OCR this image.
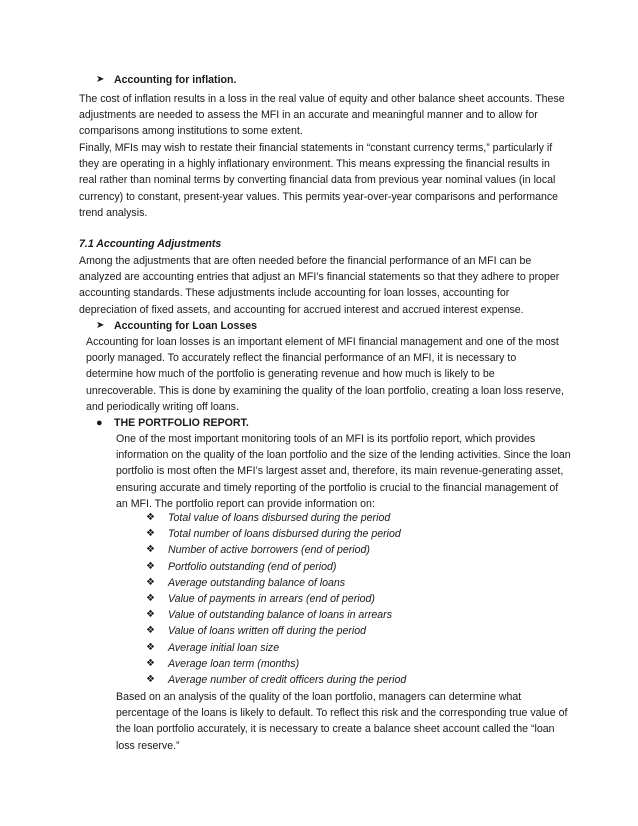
➤ Accounting for inflation.
The cost of inflation results in a loss in the real value of equity and other balance sheet accounts. These adjustments are needed to assess the MFI in an accurate and meaningful manner and to allow for comparisons among institutions to some extent.
Finally, MFIs may wish to restate their financial statements in “constant currency terms,” particularly if they are operating in a highly inflationary environment. This means expressing the financial results in real rather than nominal terms by converting financial data from previous year nominal values (in local currency) to constant, present-year values. This permits year-over-year comparisons and performance trend analysis.
7.1 Accounting Adjustments
Among the adjustments that are often needed before the financial performance of an MFI can be analyzed are accounting entries that adjust an MFI’s financial statements so that they adhere to proper accounting standards. These adjustments include accounting for loan losses, accounting for depreciation of fixed assets, and accounting for accrued interest and accrued interest expense.
➤ Accounting for Loan Losses
Accounting for loan losses is an important element of MFI financial management and one of the most poorly managed. To accurately reflect the financial performance of an MFI, it is necessary to determine how much of the portfolio is generating revenue and how much is likely to be unrecoverable. This is done by examining the quality of the loan portfolio, creating a loan loss reserve, and periodically writing off loans.
●	THE PORTFOLIO REPORT.
One of the most important monitoring tools of an MFI is its portfolio report, which provides information on the quality of the loan portfolio and the size of the lending activities. Since the loan portfolio is most often the MFI’s largest asset and, therefore, its main revenue-generating asset, ensuring accurate and timely reporting of the portfolio is crucial to the financial management of an MFI. The portfolio report can provide information on:
❖	Total value of loans disbursed during the period
❖	Total number of loans disbursed during the period
❖	Number of active borrowers (end of period)
❖	Portfolio outstanding (end of period)
❖	Average outstanding balance of loans
❖	Value of payments in arrears (end of period)
❖	Value of outstanding balance of loans in arrears
❖	Value of loans written off during the period
❖	Average initial loan size
❖	Average loan term (months)
❖	Average number of credit officers during the period
Based on an analysis of the quality of the loan portfolio, managers can determine what percentage of the loans is likely to default. To reflect this risk and the corresponding true value of the loan portfolio accurately, it is necessary to create a balance sheet account called the “loan loss reserve.”
